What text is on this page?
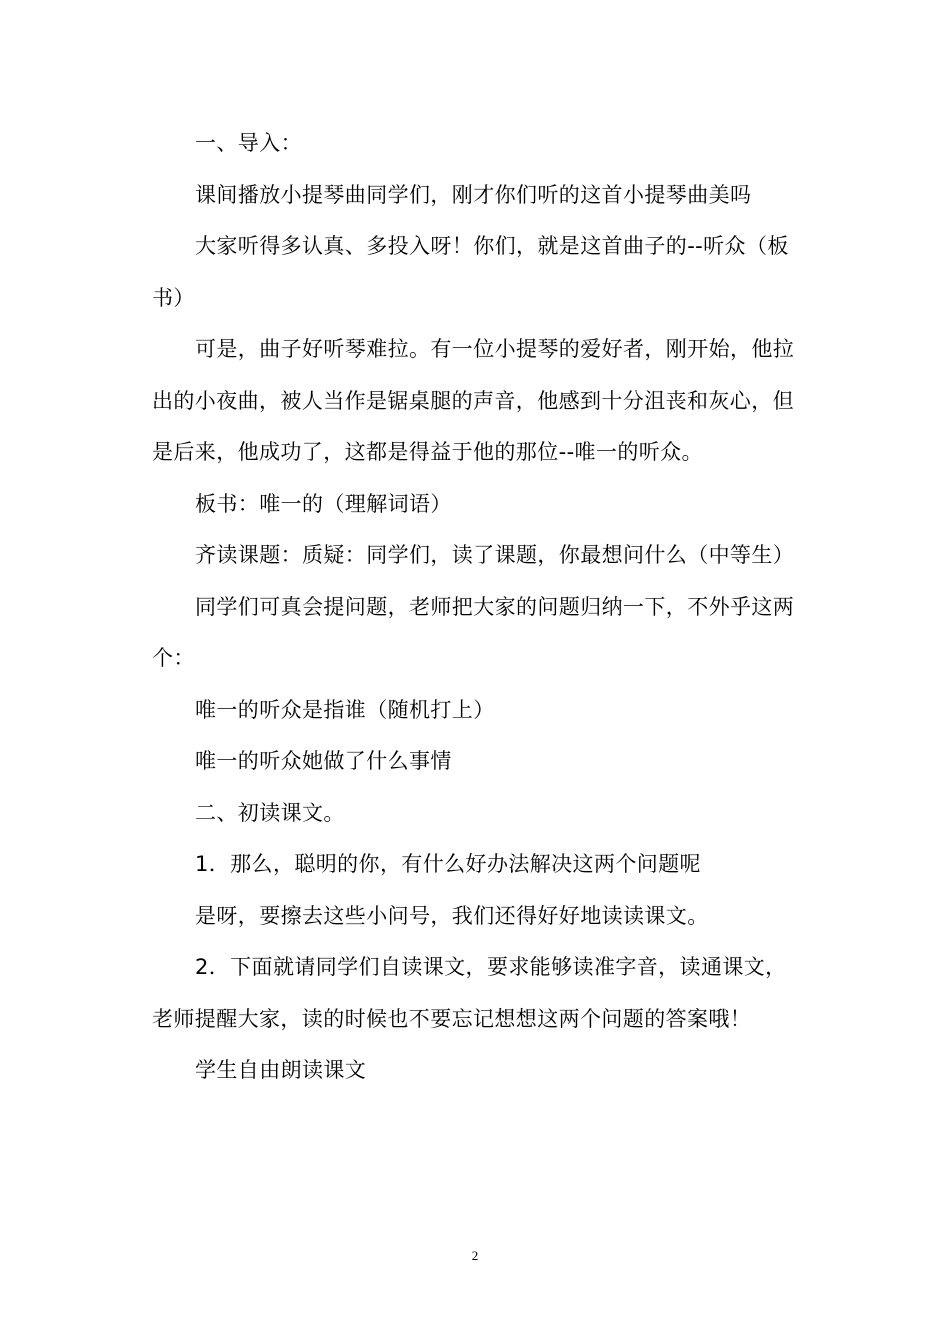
一、导入：

课间播放小提琴曲同学们，刚才你们听的这首小提琴曲美吗

大家听得多认真、多投入呀！你们，就是这首曲子的--听众（板书）

可是，曲子好听琴难拉。有一位小提琴的爱好者，刚开始，他拉出的小夜曲，被人当作是锯桌腿的声音，他感到十分沮丧和灰心，但是后来，他成功了，这都是得益于他的那位--唯一的听众。

板书：唯一的（理解词语）

齐读课题：质疑：同学们，读了课题，你最想问什么（中等生）

同学们可真会提问题，老师把大家的问题归纳一下，不外乎这两个：

唯一的听众是指谁（随机打上）

唯一的听众她做了什么事情

二、初读课文。

1．那么，聪明的你，有什么好办法解决这两个问题呢

是呀，要擦去这些小问号，我们还得好好地读读课文。

2．下面就请同学们自读课文，要求能够读准字音，读通课文，老师提醒大家，读的时候也不要忘记想想这两个问题的答案哦！

学生自由朗读课文

2
